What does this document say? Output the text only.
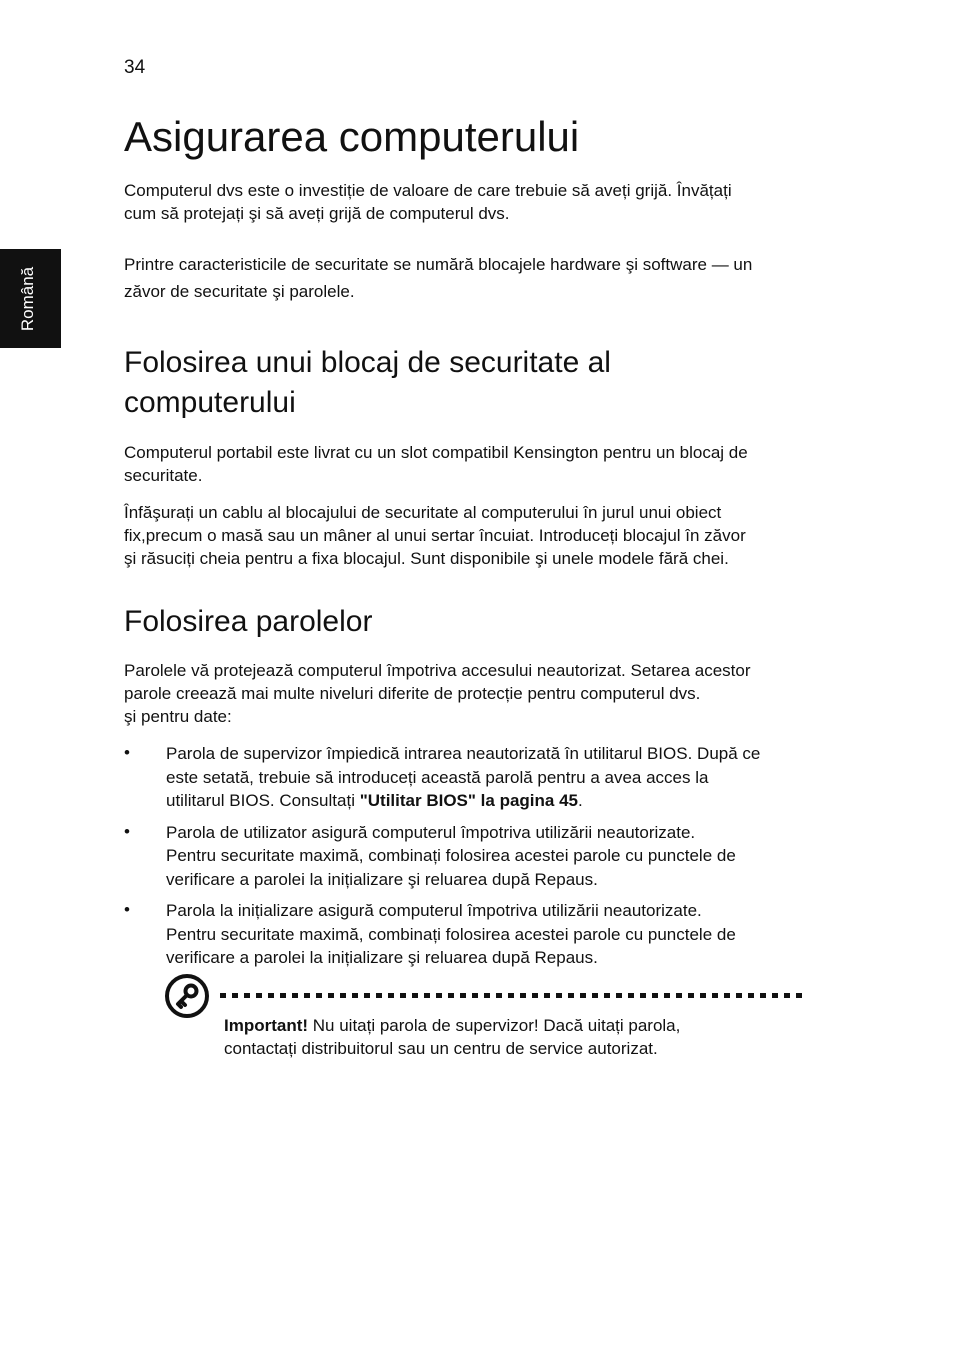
34
Română
Asigurarea computerului

Computerul dvs este o investiție de valoare de care trebuie să aveți grijă. Învățați
cum să protejați şi să aveți grijă de computerul dvs.

Printre caracteristicile de securitate se numără blocajele hardware şi software — un
zăvor de securitate şi parolele.

Folosirea unui blocaj de securitate al
computerului

Computerul portabil este livrat cu un slot compatibil Kensington pentru un blocaj de
securitate.

Înfăşurați un cablu al blocajului de securitate al computerului în jurul unui obiect
fix,precum o masă sau un mâner al unui sertar încuiat. Introduceți blocajul în zăvor
şi răsuciți cheia pentru a fixa blocajul. Sunt disponibile şi unele modele fără chei.

Folosirea parolelor

Parolele vă protejează computerul împotriva accesului neautorizat. Setarea acestor
parole creează mai multe niveluri diferite de protecție pentru computerul dvs.
şi pentru date:

• Parola de supervizor împiedică intrarea neautorizată în utilitarul BIOS. După ce
este setată, trebuie să introduceți această parolă pentru a avea acces la
utilitarul BIOS. Consultați "Utilitar BIOS" la pagina 45.
• Parola de utilizator asigură computerul împotriva utilizării neautorizate.
Pentru securitate maximă, combinați folosirea acestei parole cu punctele de
verificare a parolei la inițializare şi reluarea după Repaus.
• Parola la inițializare asigură computerul împotriva utilizării neautorizate.
Pentru securitate maximă, combinați folosirea acestei parole cu punctele de
verificare a parolei la inițializare şi reluarea după Repaus.
Important! Nu uitați parola de supervizor! Dacă uitați parola,
contactați distribuitorul sau un centru de service autorizat.
